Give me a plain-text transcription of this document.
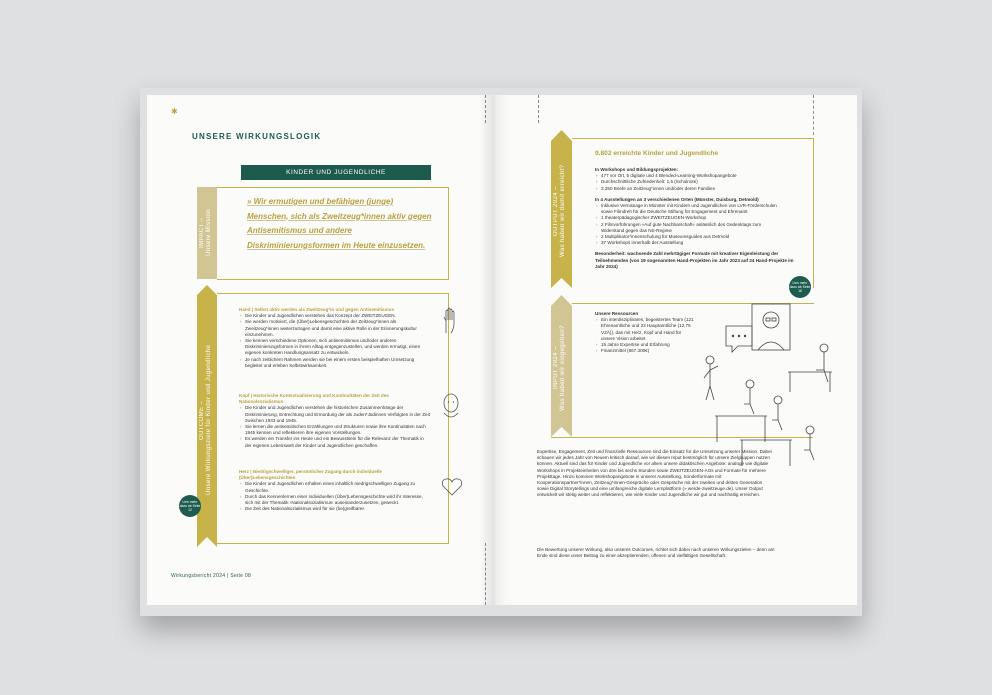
✱
UNSERE WIRKUNGSLOGIK
KINDER UND JUGENDLICHE
IMPACT –
Unsere Mission
» Wir ermutigen und befähigen (junge) Menschen, sich als Zweitzeug*innen aktiv gegen Antisemitismus und andere Diskriminierungsformen im Heute einzusetzen.
OUTCOME –
Unsere Wirkungsziele für Kinder und Jugendliche
Hand | Selbst aktiv werden als Zweitzeug*in und gegen Antisemitismus
› Die Kinder und Jugendlichen verstehen das Konzept der ZWEITZEUGEN.
› Sie werden motiviert, die (Über)Lebensgeschichten der Zeitzeug*innen als Zweitzeug*innen weiterzutragen und damit eine aktive Rolle in der Erinnerungskultur einzunehmen.
› Sie kennen verschiedene Optionen, sich antisemitismus und/oder anderen Diskriminierungsformen in ihrem Alltag entgegenzustellen, und werden ermutigt, einen eigenen konkreten Handlungsansatz zu entwickeln.
› Je nach zeitlichem Rahmen werden sie bei einem ersten beispielhaften Umsetzung begleitet und erleben Selbstwirksamkeit.
Kopf | Historische Kontextualisierung und Kontinuitäten der Zeit des Nationalsozialismus
› Die Kinder und Jugendlichen verstehen die historischen Zusammenhänge der Diskriminierung, Entrechtung und Ermordung der als Juden*Jüdinnen Verfolgten in der Zeit zwischen 1933 und 1945.
› Sie lernen die antisemitischen Erzählungen und Strukturen sowie ihre Kontinuitäten nach 1945 kennen und reflektieren ihre eigenen Vorstellungen.
› Es werden ein Transfer ins Heute und ein Bewusstsein für die Relevanz der Thematik in der eigenen Lebenswelt der Kinder und Jugendlichen geschaffen.
Herz | Niedrigschwelliger, persönlicher Zugang durch individuelle (Über)Lebensgeschichten
› Die Kinder und Jugendlichen erhalten einen inhaltlich niedrigschwelligen Zugang zu Geschichte.
› Durch das Kennenlernen einer individuellen (Über)Lebensgeschichte wird ihr Interesse, sich mit der Thematik ›Nationalsozialismus‹ auseinanderzusetzen, geweckt.
› Die Zeit des Nationalsozialismus wird für sie (be)greifbarer.
Lies mehr dazu ab Seite 12
Wirkungsbericht 2024 | Seite 08
OUTPUT 2024 –
Was haben wir damit erreicht?
9.802 erreichte Kinder und Jugendliche
In Workshops und Bildungsprojekten:
› 477 vor Ort, 5 digitale und 4 Blended-Learning-Workshopangebote
› Durchschnittliche Zufriedenheit: 1,5 (Schulnote)
› 3.250 Briefe an Zeitzeug*innen und/oder deren Familien
In 4 Ausstellungen an 3 verschiedenen Orten (Münster, Duisburg, Detmold)
› Inklusive Vernissage in Münster mit Kindern und Jugendlichen von LVR-Förderschulen sowie Filmdreh für die Deutsche Stiftung für Engagement und Ehrenamt
› 1 theaterpädagogischer ZWEITZEUGEN-Workshop
› 2 Filmvorführungen »Auf gute Nachbarschaft« anlässlich des Gedenktags zum Widerstand gegen das NS-Regime
› 2 Multiplikator*innenschulung für Museumsguides aus Detmold
› 37 Workshops innerhalb der Ausstellung
Besonderheit: wachsende Zahl mehrtägiger Formate mit kreativer Eigenleistung der Teilnehmenden (von 19 sogenannten Hand-Projekten im Jahr 2023 auf 24 Hand-Projekte im Jahr 2024)
Lies mehr dazu ab Seite 18
INPUT 2024 –
Was haben wir eingegeben?
Unsere Ressourcen
› Ein interdisziplinäres, begeistertes Team (121 Ehrenamtliche und 23 Hauptamtliche (12,75 VZÄ)), das mit Herz, Kopf und Hand für unsere Vision arbeitet
› 15 Jahre Expertise und Erfahrung
› Finanzmittel (867.300€)
Expertise, Engagement, Zeit und finanzielle Ressourcen sind die Einsatz für die Umsetzung unserer Mission. Dabei schauen wir jedes Jahr von Neuem kritisch darauf, wie wir diesen Input bestmöglich für unsere Zielgruppen nutzen können. Aktuell sind das für Kinder und Jugendliche vor allem unsere didaktischen Angebote: analoge wie digitale Workshops in Projekteinheiten von drei bis sechs Stunden sowie ZWEITZEUGEN-AGs und Formate für mehrere Projekttage. Hinzu kommen Workshopangebote in unserer Ausstellung, Sonderformate mit Kooperationspartner*innen, Zeitzeug*innen-Gespräche oder Gespräche mit der zweiten und dritten Generation sowie Digital Storytellings und eine umfangreiche digitale Lernplattform (» werde-zweitzeuge.de). Unser Output entwickelt wir stetig weiter und reflektieren, wie viele Kinder und Jugendliche wir gut und nachhaltig erreichen.
Die Bewertung unserer Wirkung, also unseres Outcomes, richtet sich dabei nach unseren Wirkungszielen – denn am Ende sind diese unser Beitrag zu einer akzeptierenden, offenen und vielfältigen Gesellschaft.
